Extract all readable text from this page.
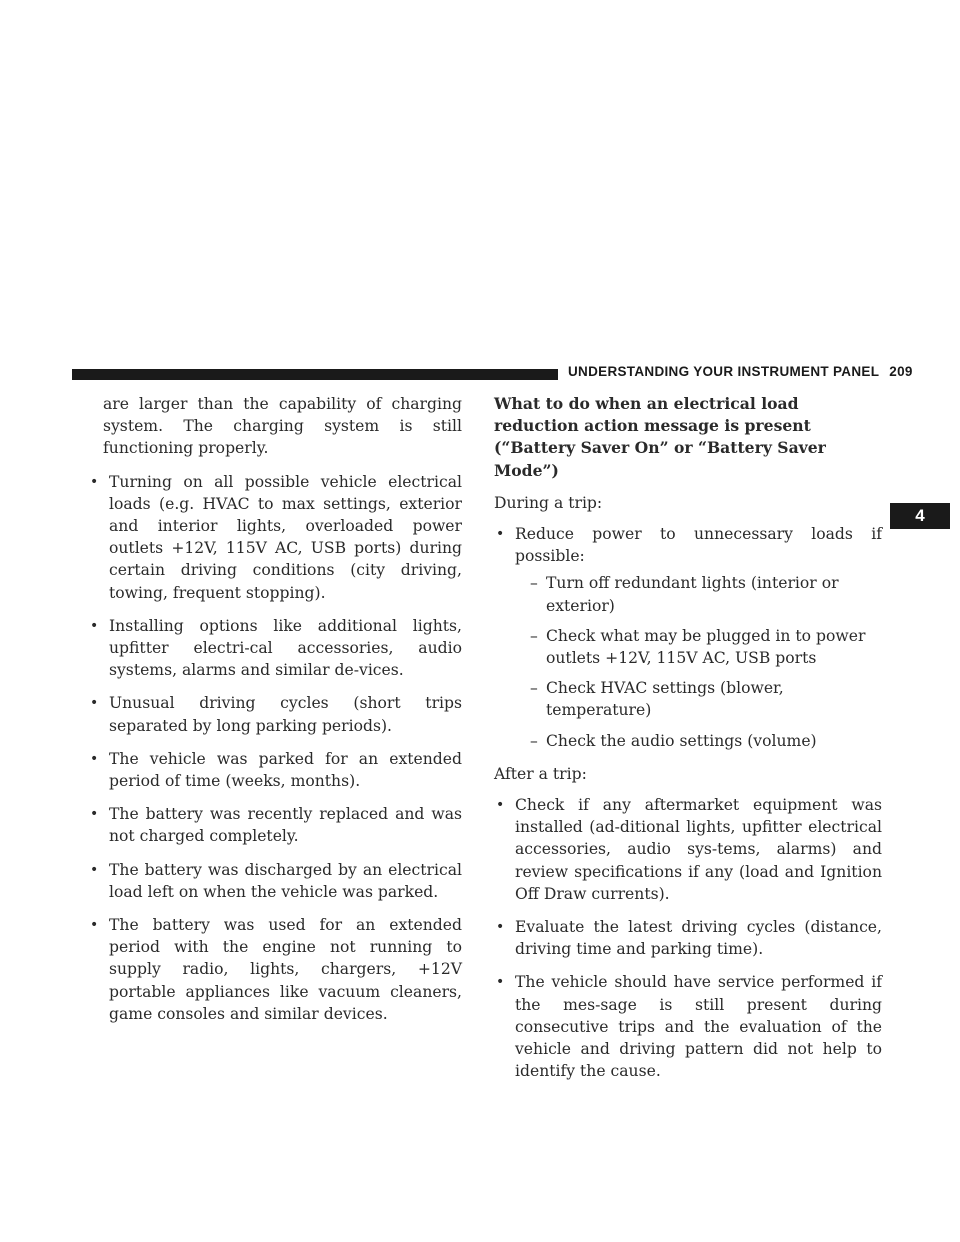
UNDERSTANDING YOUR INSTRUMENT PANEL 209
4

are larger than the capability of charging system. The charging system is still functioning properly.

• Turning on all possible vehicle electrical loads (e.g. HVAC to max settings, exterior and interior lights, overloaded power outlets +12V, 115V AC, USB ports) during certain driving conditions (city driving, towing, frequent stopping).
• Installing options like additional lights, upfitter electri-cal accessories, audio systems, alarms and similar de-vices.
• Unusual driving cycles (short trips separated by long parking periods).
• The vehicle was parked for an extended period of time (weeks, months).
• The battery was recently replaced and was not charged completely.
• The battery was discharged by an electrical load left on when the vehicle was parked.
• The battery was used for an extended period with the engine not running to supply radio, lights, chargers, +12V portable appliances like vacuum cleaners, game consoles and similar devices.

What to do when an electrical load reduction action message is present (“Battery Saver On” or “Battery Saver Mode”)

During a trip:

• Reduce power to unnecessary loads if possible:
– Turn off redundant lights (interior or exterior)
– Check what may be plugged in to power outlets +12V, 115V AC, USB ports
– Check HVAC settings (blower, temperature)
– Check the audio settings (volume)

After a trip:

• Check if any aftermarket equipment was installed (ad-ditional lights, upfitter electrical accessories, audio sys-tems, alarms) and review specifications if any (load and Ignition Off Draw currents).
• Evaluate the latest driving cycles (distance, driving time and parking time).
• The vehicle should have service performed if the mes-sage is still present during consecutive trips and the evaluation of the vehicle and driving pattern did not help to identify the cause.
